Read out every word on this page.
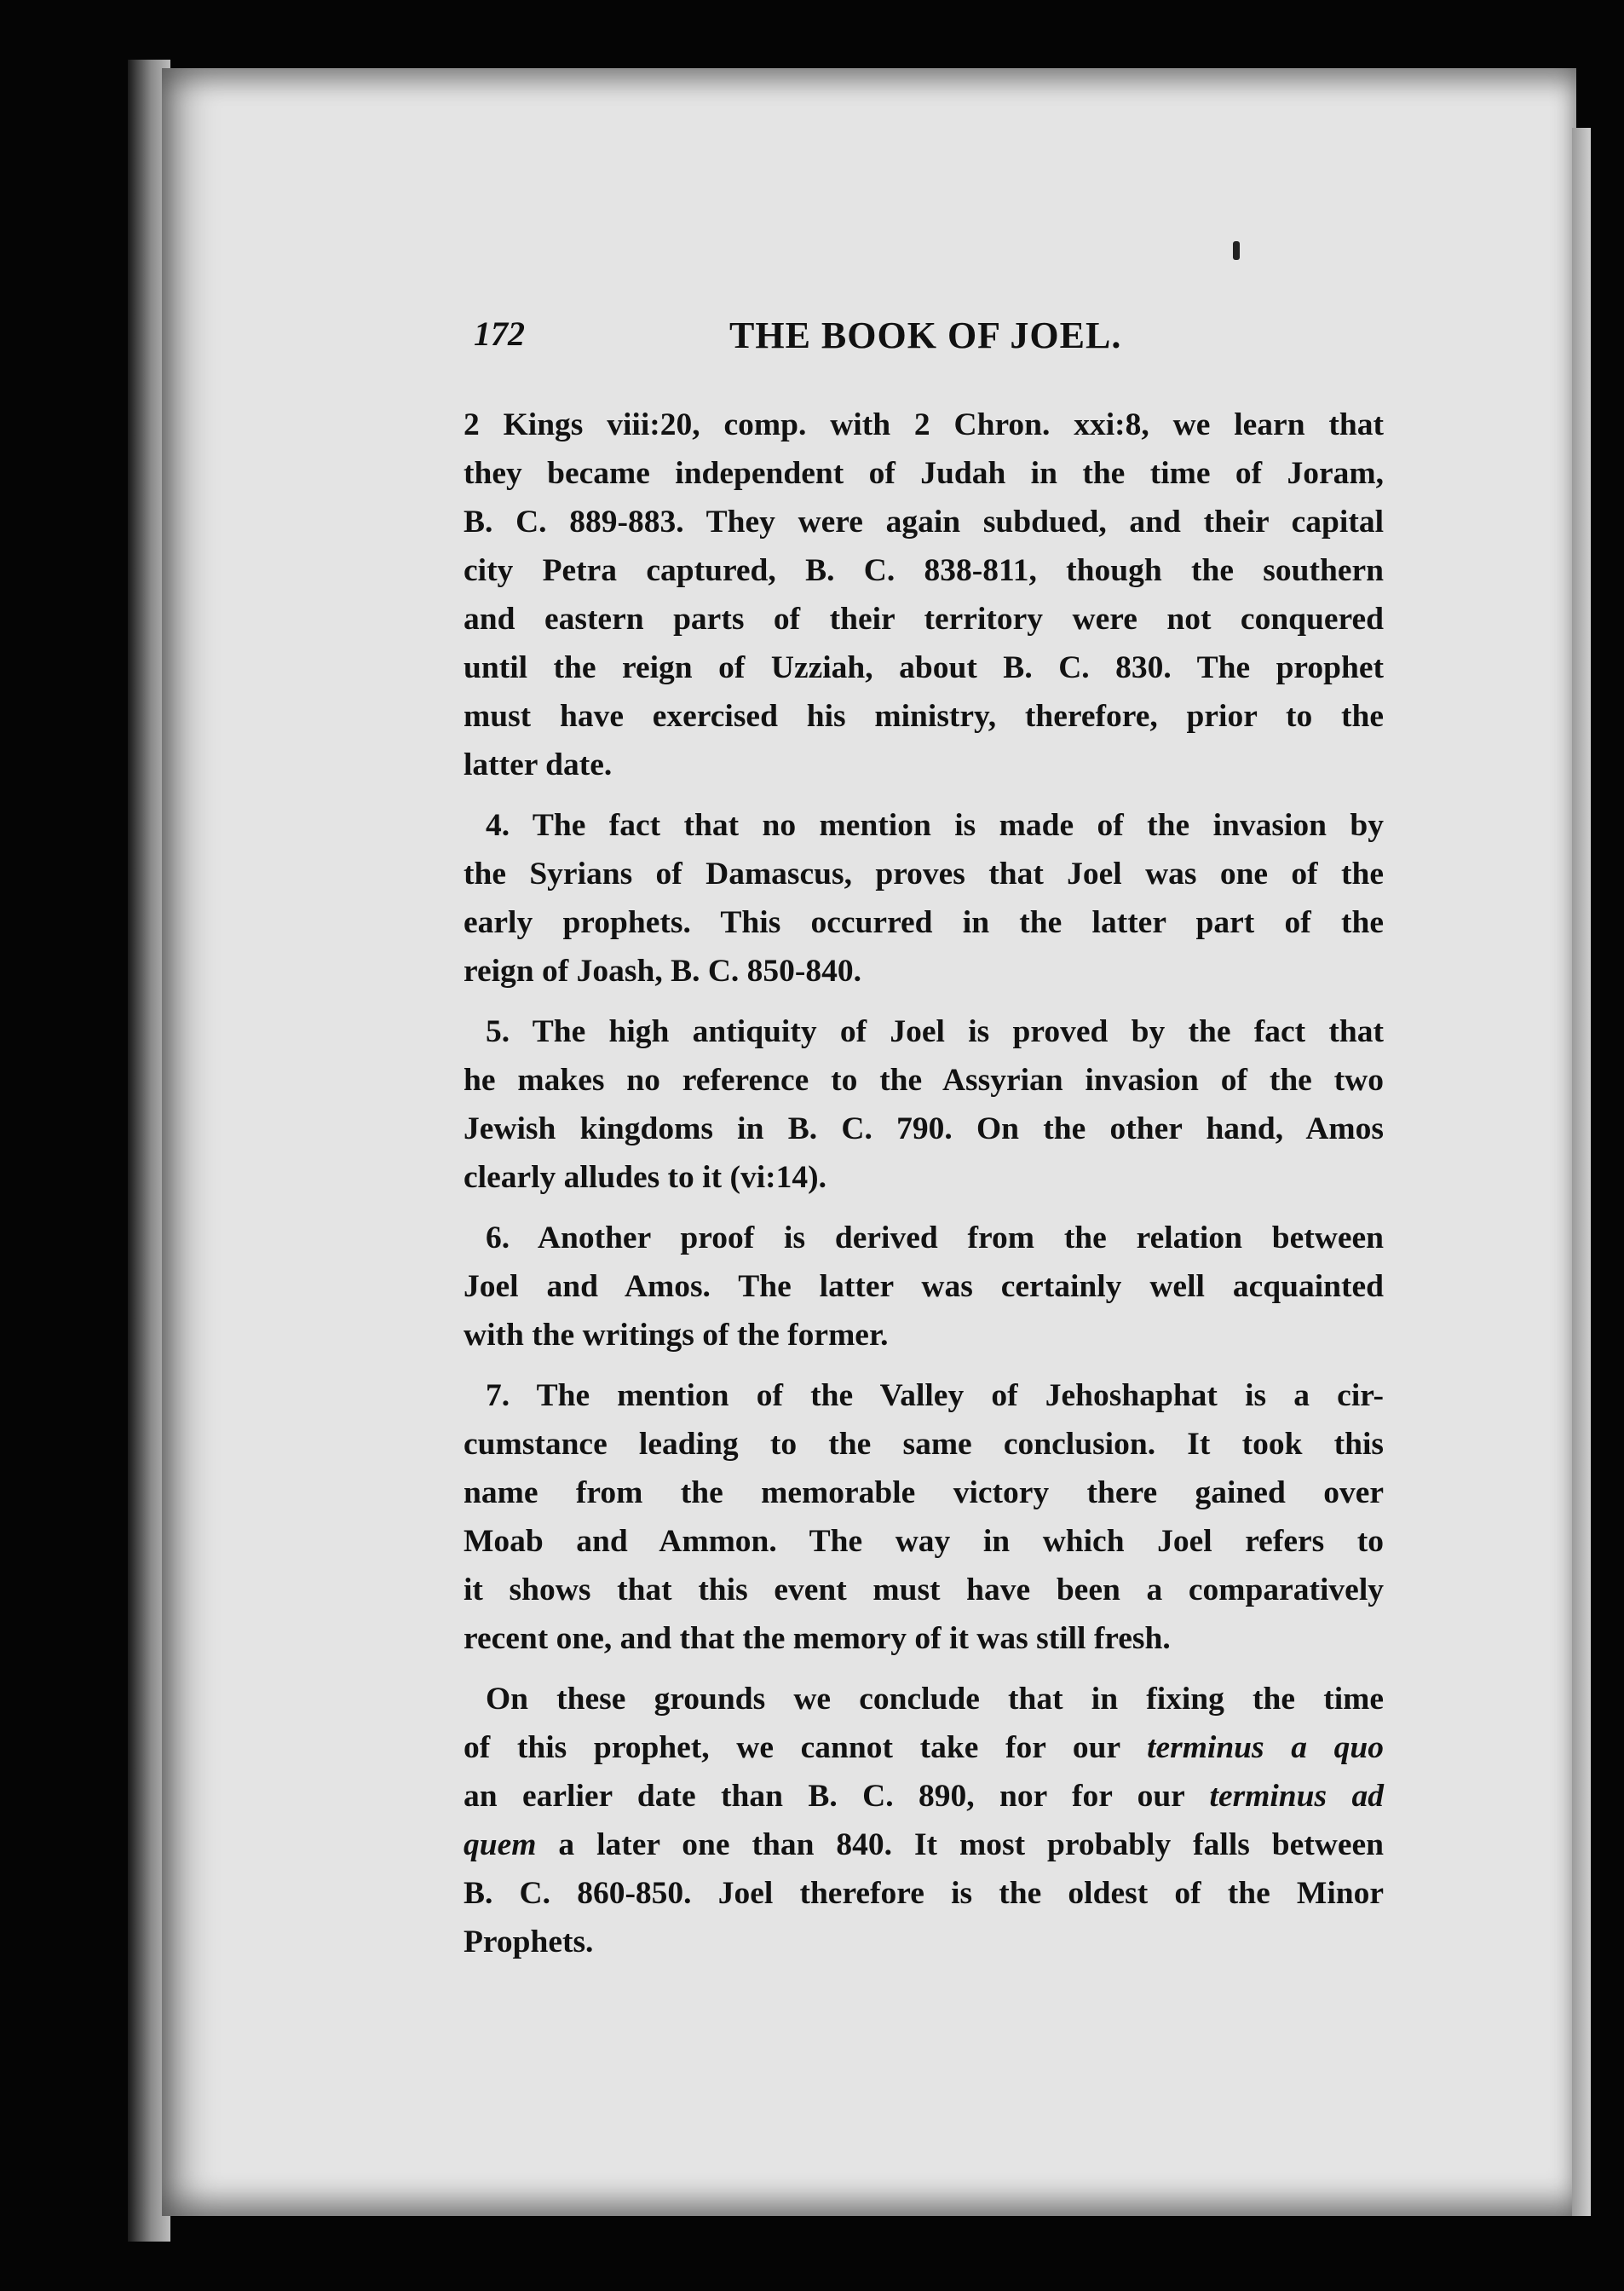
172	THE BOOK OF JOEL.

2 Kings viii:20, comp. with 2 Chron. xxi:8, we learn that
they became independent of Judah in the time of Joram,
B. C. 889-883. They were again subdued, and their capital
city Petra captured, B. C. 838-811, though the southern
and eastern parts of their territory were not conquered
until the reign of Uzziah, about B. C. 830. The prophet
must have exercised his ministry, therefore, prior to the
latter date.

4. The fact that no mention is made of the invasion by
the Syrians of Damascus, proves that Joel was one of the
early prophets. This occurred in the latter part of the
reign of Joash, B. C. 850-840.

5. The high antiquity of Joel is proved by the fact that
he makes no reference to the Assyrian invasion of the two
Jewish kingdoms in B. C. 790. On the other hand, Amos
clearly alludes to it (vi:14).

6. Another proof is derived from the relation between
Joel and Amos. The latter was certainly well acquainted
with the writings of the former.

7. The mention of the Valley of Jehoshaphat is a cir-
cumstance leading to the same conclusion. It took this
name from the memorable victory there gained over
Moab and Ammon. The way in which Joel refers to
it shows that this event must have been a comparatively
recent one, and that the memory of it was still fresh.

On these grounds we conclude that in fixing the time
of this prophet, we cannot take for our terminus a quo
an earlier date than B. C. 890, nor for our terminus ad
quem a later one than 840. It most probably falls between
B. C. 860-850. Joel therefore is the oldest of the Minor
Prophets.
